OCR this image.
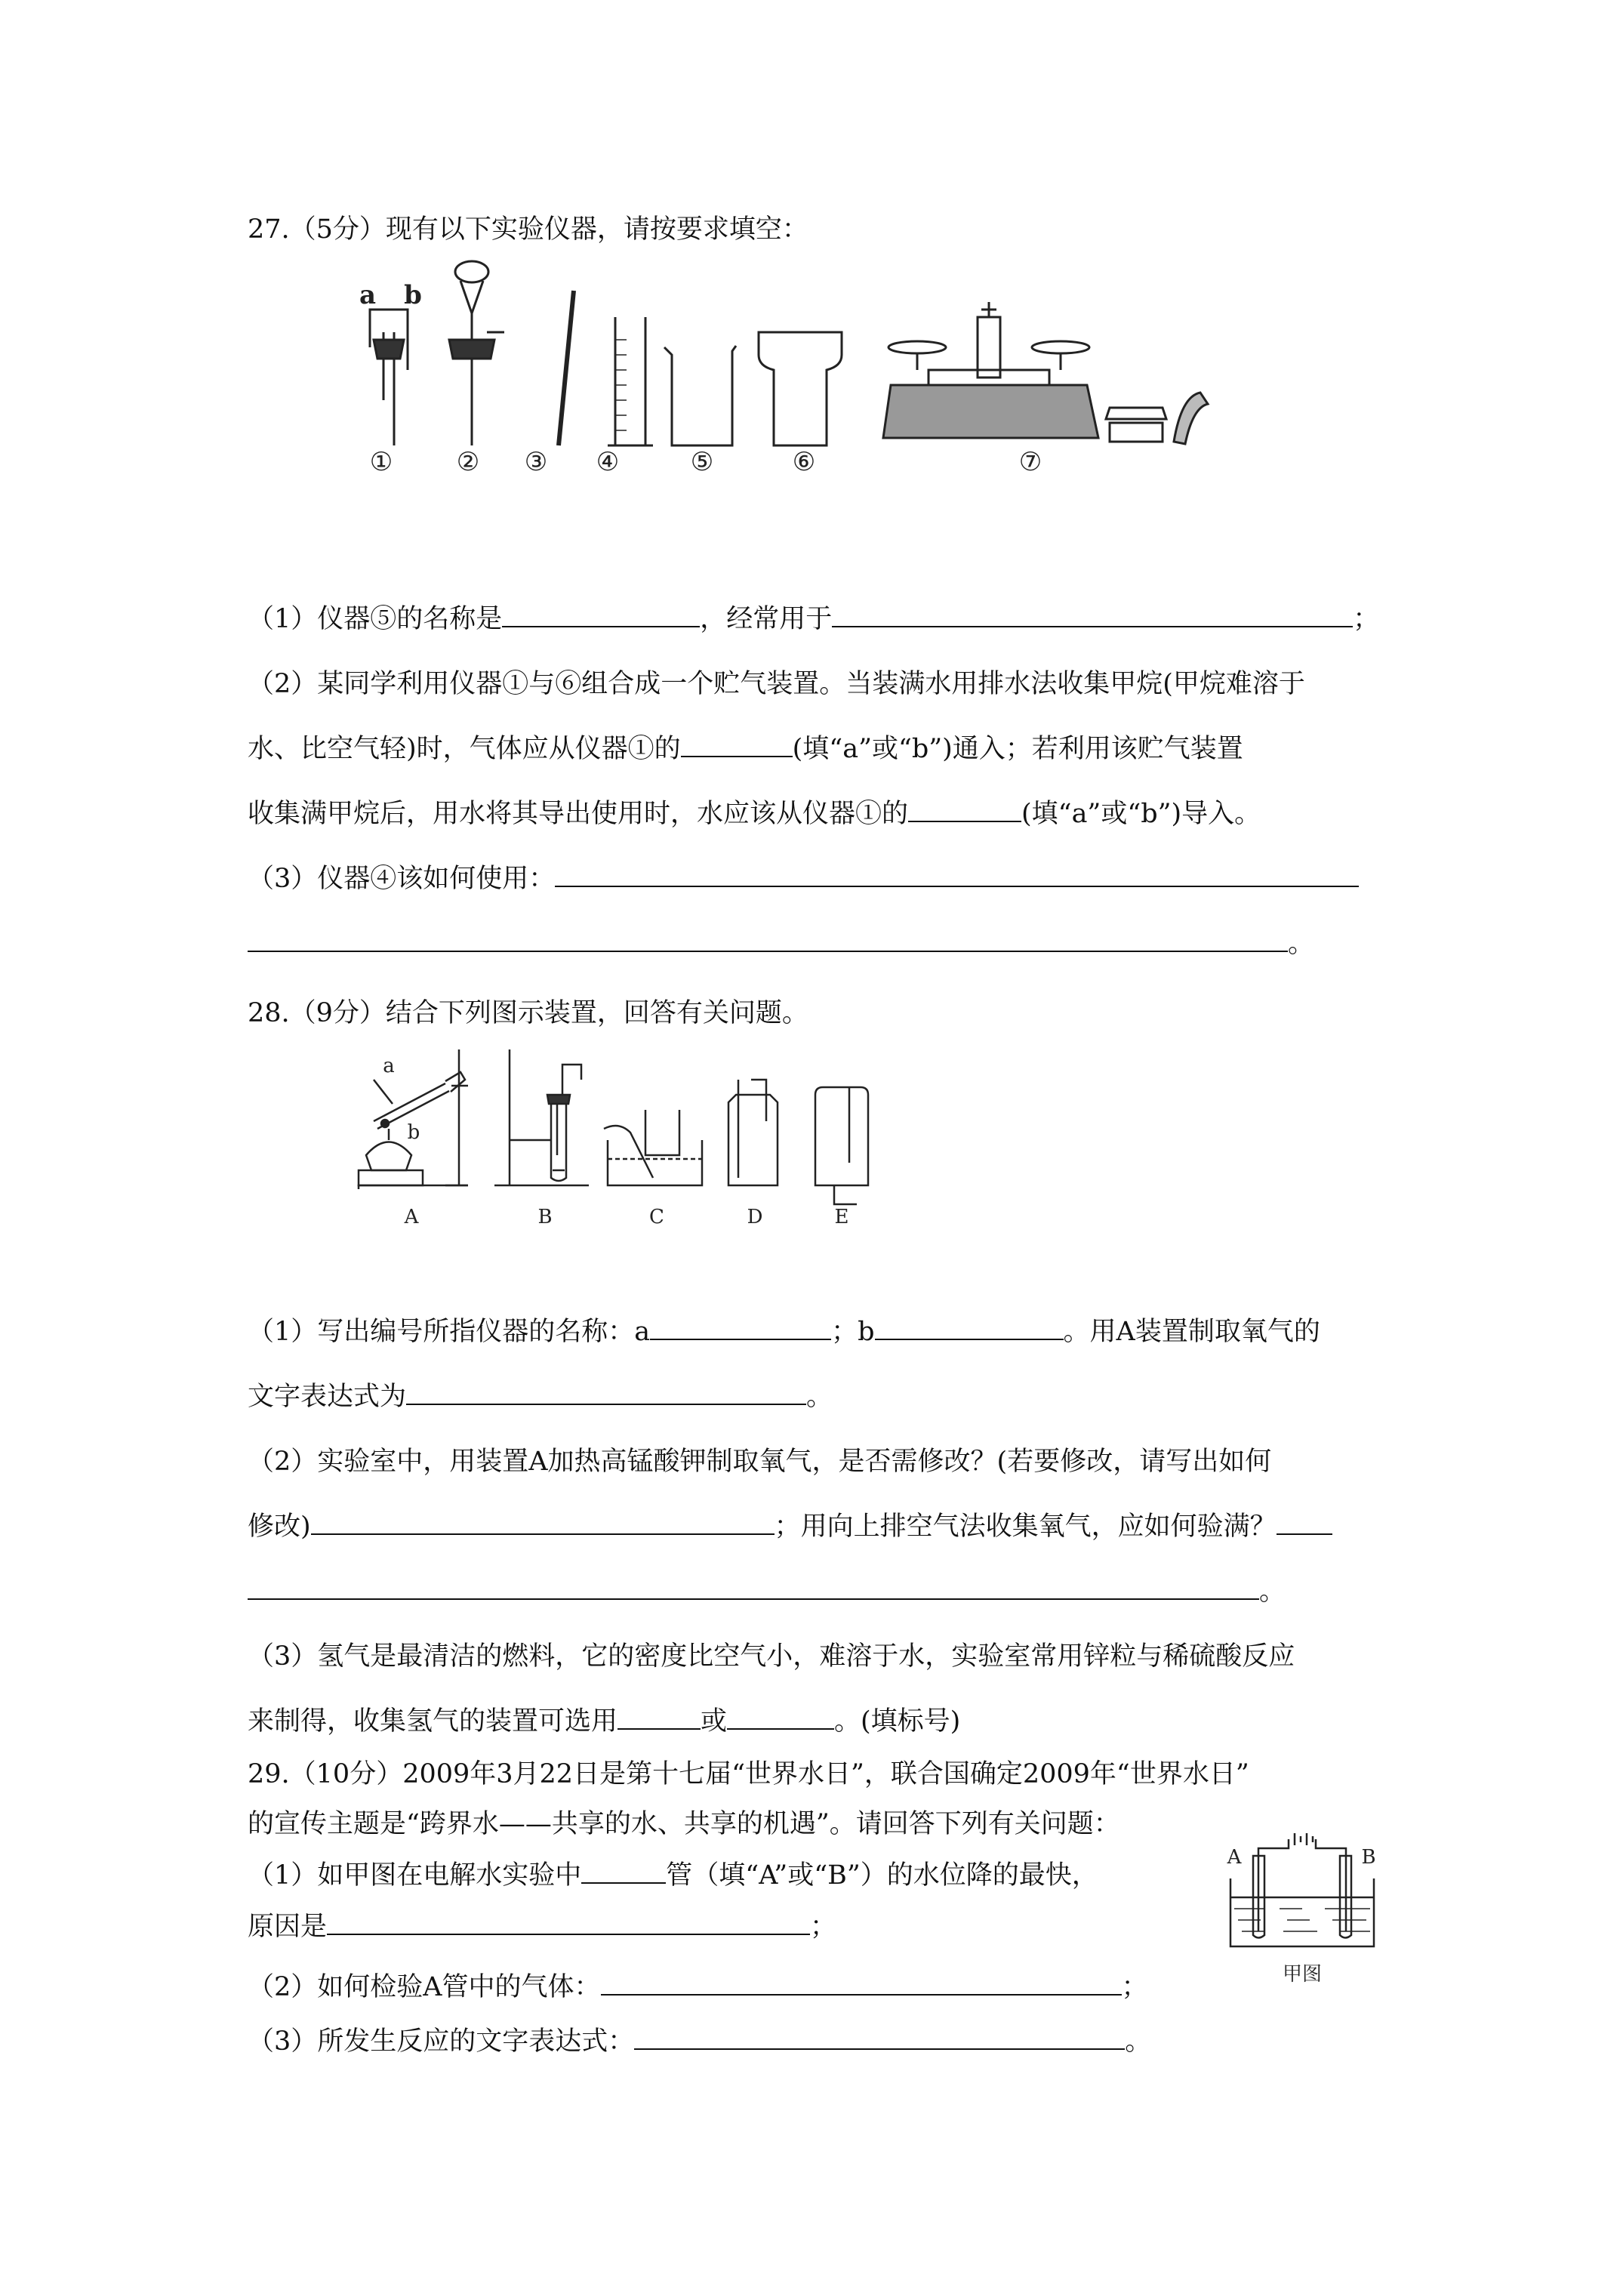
27.（5分）现有以下实验仪器，请按要求填空：
a b
① ② ③ ④	⑤	⑥	⑦
（1）仪器⑤的名称是	，经常用于	；
（2）某同学利用仪器①与⑥组合成一个贮气装置。当装满水用排水法收集甲烷(甲烷难溶于
水、比空气轻)时，气体应从仪器①的	(填“a”或“b”)通入；若利用该贮气装置
收集满甲烷后，用水将其导出使用时，水应该从仪器①的	(填“a”或“b”)导入。
（3）仪器④该如何使用：
。
28.（9分）结合下列图示装置，回答有关问题。
a
b
A	B	C	D	E
（1）写出编号所指仪器的名称：a	；b	。用A装置制取氧气的
文字表达式为	。
（2）实验室中，用装置A加热高锰酸钾制取氧气，是否需修改？(若要修改，请写出如何
修改)	；用向上排空气法收集氧气，应如何验满？
。
（3）氢气是最清洁的燃料，它的密度比空气小，难溶于水，实验室常用锌粒与稀硫酸反应
来制得，收集氢气的装置可选用	或	。(填标号)
29.（10分）2009年3月22日是第十七届“世界水日”，联合国确定2009年“世界水日”
的宣传主题是“跨界水——共享的水、共享的机遇”。请回答下列有关问题：
（1）如甲图在电解水实验中	管（填“A”或“B”）的水位降的最快，
原因是	；
（2）如何检验A管中的气体：	；
（3）所发生反应的文字表达式：	。
A	B
甲图
